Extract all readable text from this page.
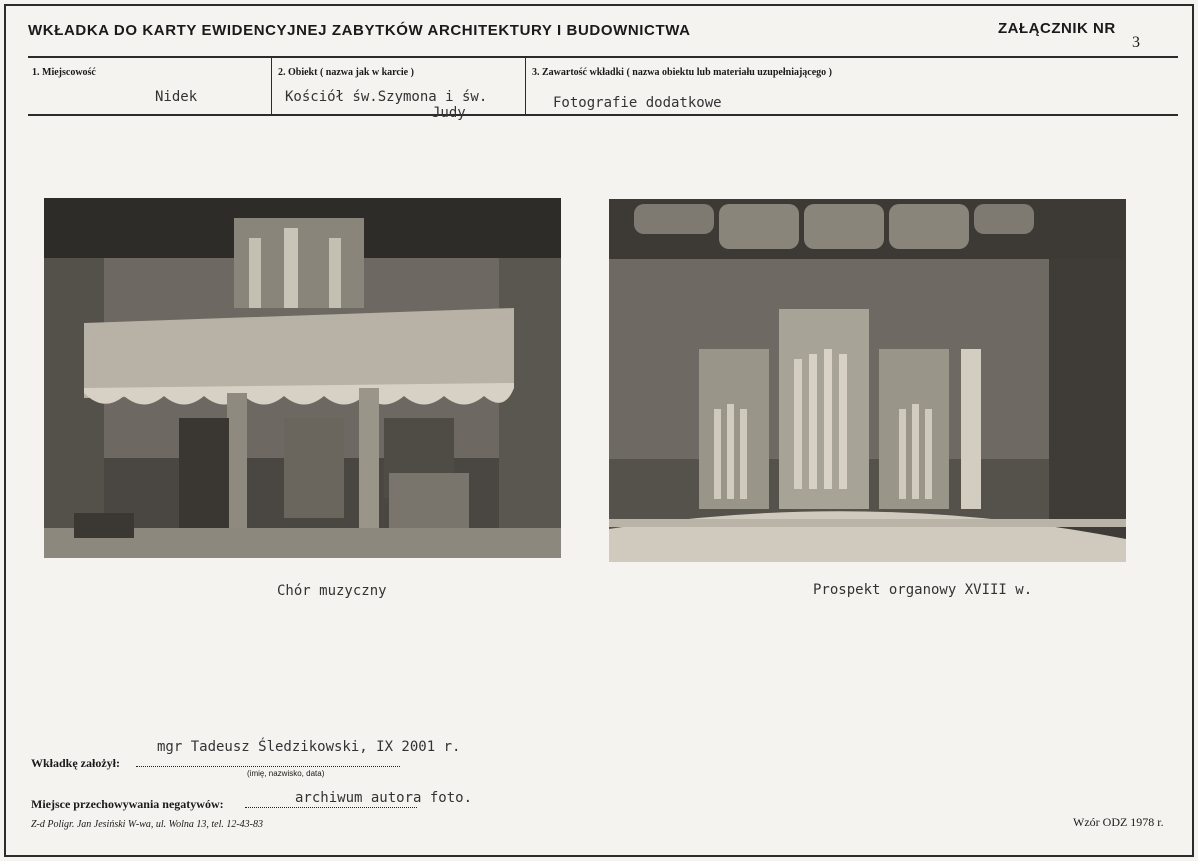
WKŁADKA DO KARTY EWIDENCYJNEJ ZABYTKÓW ARCHITEKTURY I BUDOWNICTWA	ZAŁĄCZNIK NR
3
1. Miejscowość
Nidek
2. Obiekt ( nazwa jak w karcie )
Kościół św.Szymona i św.
Judy
3. Zawartość wkładki ( nazwa obiektu lub materiału uzupełniającego )
Fotografie dodatkowe
Chór muzyczny	Prospekt organowy XVIII w.
mgr Tadeusz Śledzikowski, IX 2001 r.
Wkładkę założył:
(imię, nazwisko, data)
Miejsce przechowywania negatywów:	archiwum autora foto.
Z-d Poligr. Jan Jesiński W-wa, ul. Wolna 13, tel. 12-43-83	Wzór ODZ 1978 r.
